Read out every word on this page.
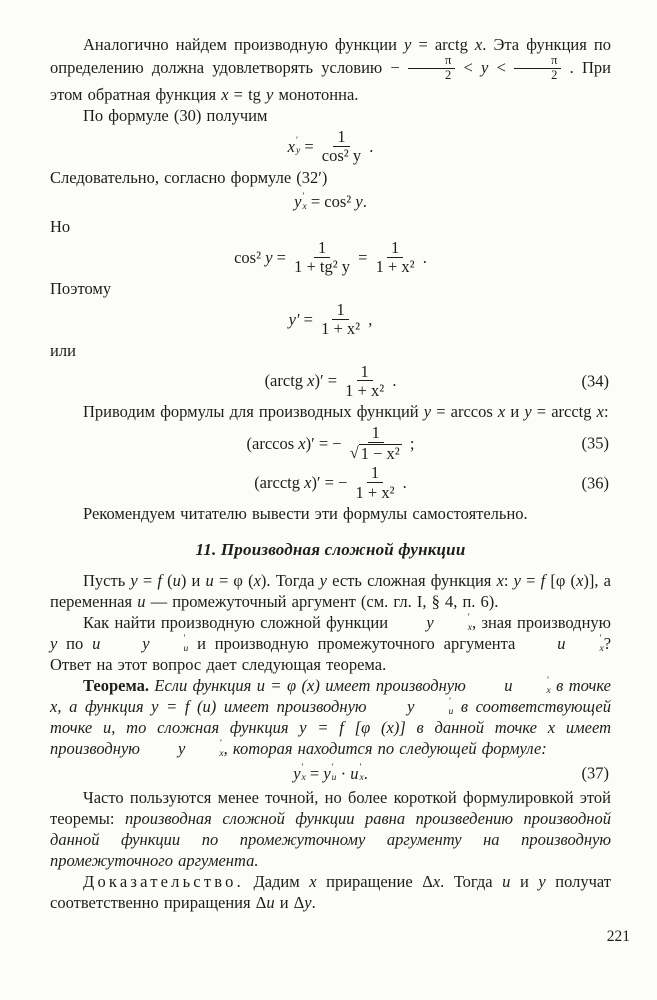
Аналогично найдем производную функции y = arctg x. Эта функция по определению должна удовлетворять условию − $\frac{\pi}{2} < y < \frac{\pi}{2}$ . При этом обратная функция x = tg y монотонна.

По формуле (30) получим

x ′
$y = \frac{1}{\text{cos² y}}$ .

Следовательно, согласно формуле (32′)

y ′
x = cos² y .

Но

cos² $y = \frac{1}{\text{1 + tg² y}} = \frac{1}{\text{1 + x²}}$ .

Поэтому

$y' = \frac{1}{\text{1 + x²}}$ ,

или

(arctg x )′ = $\frac{1}{\text{1 + x²}}$ .	(34)

Приводим формулы для производных функций y = arccos x и y = arcctg x:

(arccos x )′ = − $\frac{1}{\text{√ 1 − x²}}$ ;	(35)
(arcctg x )′ = − $\frac{1}{\text{1 + x²}}$ .	(36)

Рекомендуем читателю вывести эти формулы самостоятельно.

11. Производная сложной функции

Пусть y = f (u) и u = φ (x). Тогда y есть сложная функция x: y = f [φ (x)], а переменная u — промежуточный аргумент (см. гл. I, § 4, п. 6).

Как найти производную сложной функции	y	′
x , зная производную y по u	y	′
u и производную промежуточного аргумента	u	′
x ? Ответ на этот вопрос дает следующая теорема.

Теорема. Если функция u = φ (x) имеет производную	u	′
x в точке x, а функция y = f (u) имеет производную	y	′
u в соответствующей точке u, то сложная функция y = f [φ (x)] в данной точке x имеет производную	y	′
x , которая находится по следующей формуле:

y ′
x = y ′
u · u ′
x .	(37)

Часто пользуются менее точной, но более короткой формулировкой этой теоремы: производная сложной функции равна произведению производной данной функции по промежуточному аргументу на производную промежуточного аргумента.

Доказательство. Дадим x приращение Δx. Тогда u и y получат соответственно приращения Δu и Δy.

221
